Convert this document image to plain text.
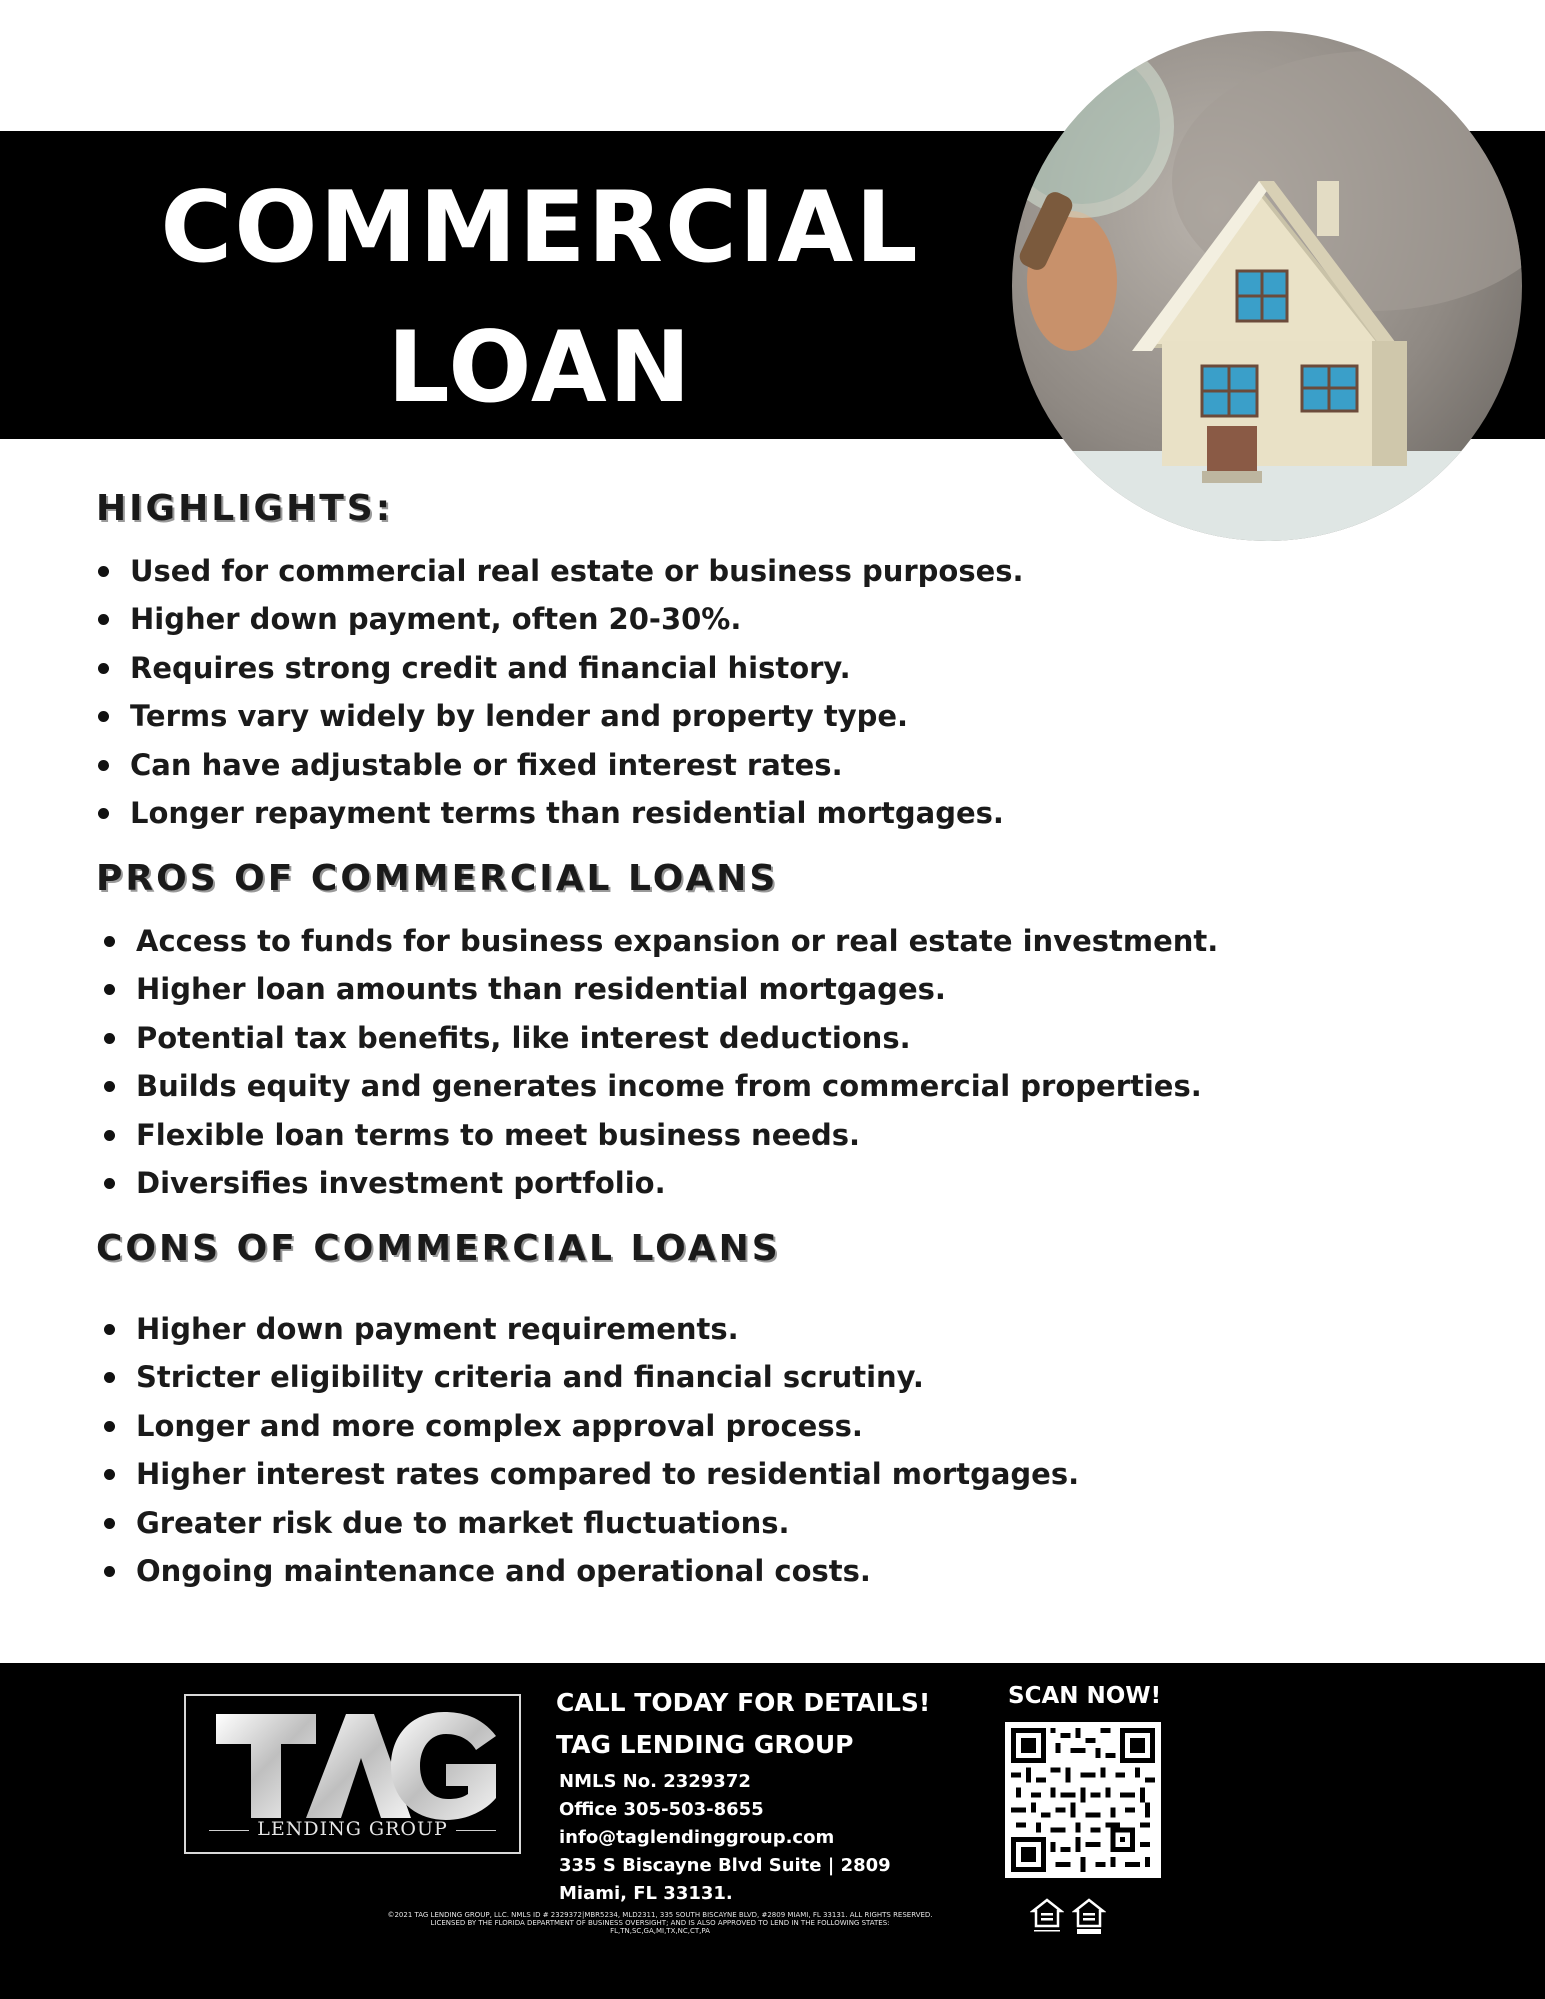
COMMERCIAL
LOAN
HIGHLIGHTS:
Used for commercial real estate or business purposes.
Higher down payment, often 20-30%.
Requires strong credit and financial history.
Terms vary widely by lender and property type.
Can have adjustable or fixed interest rates.
Longer repayment terms than residential mortgages.
PROS OF COMMERCIAL LOANS
Access to funds for business expansion or real estate investment.
Higher loan amounts than residential mortgages.
Potential tax benefits, like interest deductions.
Builds equity and generates income from commercial properties.
Flexible loan terms to meet business needs.
Diversifies investment portfolio.
CONS OF COMMERCIAL LOANS
Higher down payment requirements.
Stricter eligibility criteria and financial scrutiny.
Longer and more complex approval process.
Higher interest rates compared to residential mortgages.
Greater risk due to market fluctuations.
Ongoing maintenance and operational costs.
LENDING GROUP
CALL TODAY FOR DETAILS!
TAG LENDING GROUP
NMLS No. 2329372
Office 305-503-8655
info@taglendinggroup.com
335 S Biscayne Blvd Suite | 2809
Miami, FL 33131.
SCAN NOW!
©2021 TAG LENDING GROUP, LLC. NMLS ID # 2329372|MBR5234, MLD2311, 335 SOUTH BISCAYNE BLVD, #2809 MIAMI, FL 33131. ALL RIGHTS RESERVED.
LICENSED BY THE FLORIDA DEPARTMENT OF BUSINESS OVERSIGHT; AND IS ALSO APPROVED TO LEND IN THE FOLLOWING STATES:
FL,TN,SC,GA,MI,TX,NC,CT,PA
